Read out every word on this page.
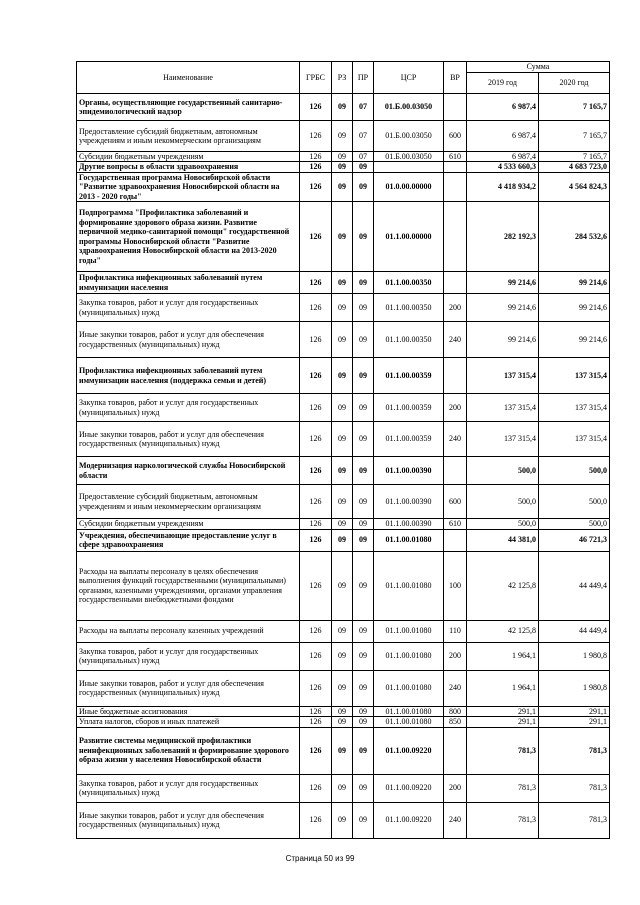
Наименование	ГРБС	РЗ	ПР	ЦСР	ВР	Сумма	
						2019 год	2020 год
Органы, осуществляющие государственный санитарно-эпидемиологический надзор	126	09	07	01.Б.00.03050		6 987,4	7 165,7
Предоставление субсидий бюджетным, автономным учреждениям и иным некоммерческим организациям	126	09	07	01.Б.00.03050	600	6 987,4	7 165,7
Субсидии бюджетным учреждениям	126	09	07	01.Б.00.03050	610	6 987,4	7 165,7
Другие вопросы в области здравоохранения	126	09	09			4 533 660,3	4 683 723,0
Государственная программа Новосибирской области "Развитие здравоохранения Новосибирской области на 2013 - 2020 годы"	126	09	09	01.0.00.00000		4 418 934,2	4 564 824,3
Подпрограмма "Профилактика заболеваний и формирование здорового образа жизни. Развитие первичной медико-санитарной помощи" государственной программы Новосибирской области "Развитие здравоохранения Новосибирской области на 2013-2020 годы"	126	09	09	01.1.00.00000		282 192,3	284 532,6
Профилактика инфекционных заболеваний путем иммунизации населения	126	09	09	01.1.00.00350		99 214,6	99 214,6
Закупка товаров, работ и услуг для государственных (муниципальных) нужд	126	09	09	01.1.00.00350	200	99 214,6	99 214,6
Иные закупки товаров, работ и услуг для обеспечения государственных (муниципальных) нужд	126	09	09	01.1.00.00350	240	99 214,6	99 214,6
Профилактика инфекционных заболеваний путем иммунизации населения (поддержка семьи и детей)	126	09	09	01.1.00.00359		137 315,4	137 315,4
Закупка товаров, работ и услуг для государственных (муниципальных) нужд	126	09	09	01.1.00.00359	200	137 315,4	137 315,4
Иные закупки товаров, работ и услуг для обеспечения государственных (муниципальных) нужд	126	09	09	01.1.00.00359	240	137 315,4	137 315,4
Модернизация наркологической службы Новосибирской области	126	09	09	01.1.00.00390		500,0	500,0
Предоставление субсидий бюджетным, автономным учреждениям и иным некоммерческим организациям	126	09	09	01.1.00.00390	600	500,0	500,0
Субсидии бюджетным учреждениям	126	09	09	01.1.00.00390	610	500,0	500,0
Учреждения, обеспечивающие предоставление услуг в сфере здравоохранения	126	09	09	01.1.00.01080		44 381,0	46 721,3
Расходы на выплаты персоналу в целях обеспечения выполнения функций государственными (муниципальными) органами, казенными учреждениями, органами управления государственными внебюджетными фондами	126	09	09	01.1.00.01080	100	42 125,8	44 449,4
Расходы на выплаты персоналу казенных учреждений	126	09	09	01.1.00.01080	110	42 125,8	44 449,4
Закупка товаров, работ и услуг для государственных (муниципальных) нужд	126	09	09	01.1.00.01080	200	1 964,1	1 980,8
Иные закупки товаров, работ и услуг для обеспечения государственных (муниципальных) нужд	126	09	09	01.1.00.01080	240	1 964,1	1 980,8
Иные бюджетные ассигнования	126	09	09	01.1.00.01080	800	291,1	291,1
Уплата налогов, сборов и иных платежей	126	09	09	01.1.00.01080	850	291,1	291,1
Развитие системы медицинской профилактики неинфекционных заболеваний и формирование здорового образа жизни у населения Новосибирской области	126	09	09	01.1.00.09220		781,3	781,3
Закупка товаров, работ и услуг для государственных (муниципальных) нужд	126	09	09	01.1.00.09220	200	781,3	781,3
Иные закупки товаров, работ и услуг для обеспечения государственных (муниципальных) нужд	126	09	09	01.1.00.09220	240	781,3	781,3
Страница 50 из 99
